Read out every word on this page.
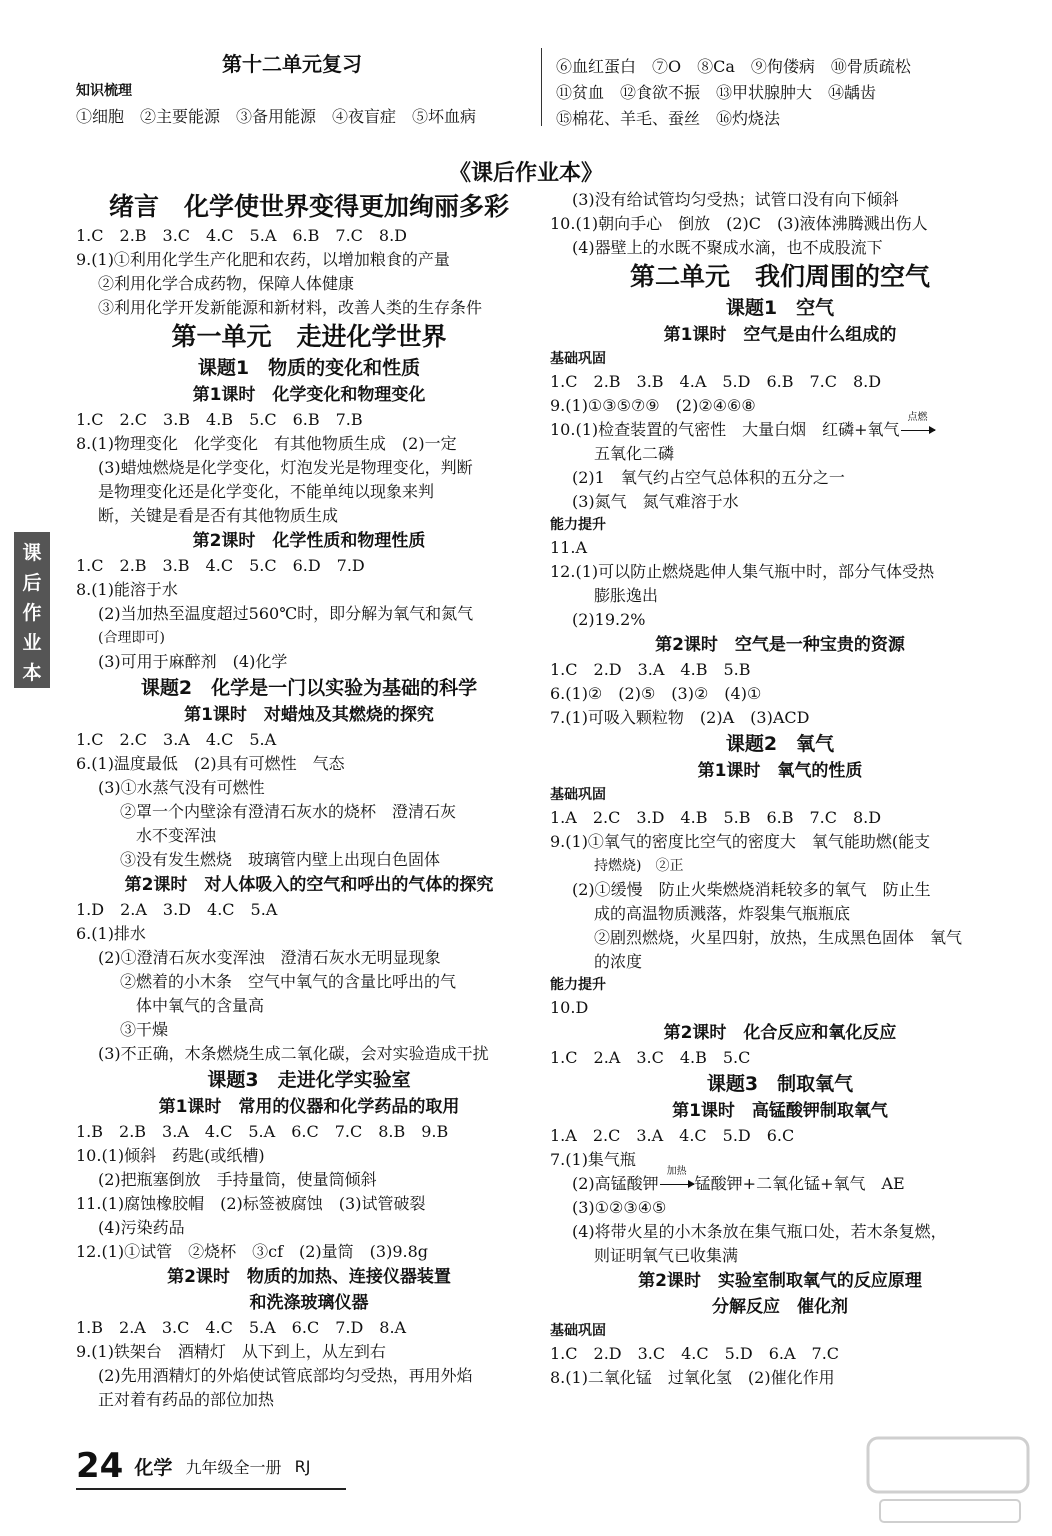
第十二单元复习
知识梳理
①细胞　②主要能源　③备用能源　④夜盲症　⑤坏血病
⑥血红蛋白　⑦O　⑧Ca　⑨佝偻病　⑩骨质疏松
⑪贫血　⑫食欲不振　⑬甲状腺肿大　⑭龋齿
⑮棉花、羊毛、蚕丝　⑯灼烧法
《课后作业本》
课
后
作
业
本
绪言　化学使世界变得更加绚丽多彩
1.C　2.B　3.C　4.C　5.A　6.B　7.C　8.D
9.(1)①利用化学生产化肥和农药，以增加粮食的产量
②利用化学合成药物，保障人体健康
③利用化学开发新能源和新材料，改善人类的生存条件
第一单元　走进化学世界
课题1　物质的变化和性质
第1课时　化学变化和物理变化
1.C　2.C　3.B　4.B　5.C　6.B　7.B
8.(1)物理变化　化学变化　有其他物质生成　(2)一定
(3)蜡烛燃烧是化学变化，灯泡发光是物理变化，判断
是物理变化还是化学变化，不能单纯以现象来判
断，关键是看是否有其他物质生成
第2课时　化学性质和物理性质
1.C　2.B　3.B　4.C　5.C　6.D　7.D
8.(1)能溶于水
(2)当加热至温度超过560℃时，即分解为氧气和氮气
(合理即可)
(3)可用于麻醉剂　(4)化学
课题2　化学是一门以实验为基础的科学
第1课时　对蜡烛及其燃烧的探究
1.C　2.C　3.A　4.C　5.A
6.(1)温度最低　(2)具有可燃性　气态
(3)①水蒸气没有可燃性
②罩一个内壁涂有澄清石灰水的烧杯　澄清石灰
水不变浑浊
③没有发生燃烧　玻璃管内壁上出现白色固体
第2课时　对人体吸入的空气和呼出的气体的探究
1.D　2.A　3.D　4.C　5.A
6.(1)排水
(2)①澄清石灰水变浑浊　澄清石灰水无明显现象
②燃着的小木条　空气中氧气的含量比呼出的气
体中氧气的含量高
③干燥
(3)不正确，木条燃烧生成二氧化碳，会对实验造成干扰
课题3　走进化学实验室
第1课时　常用的仪器和化学药品的取用
1.B　2.B　3.A　4.C　5.A　6.C　7.C　8.B　9.B
10.(1)倾斜　药匙(或纸槽)
(2)把瓶塞倒放　手持量筒，使量筒倾斜
11.(1)腐蚀橡胶帽　(2)标签被腐蚀　(3)试管破裂
(4)污染药品
12.(1)①试管　②烧杯　③cf　(2)量筒　(3)9.8g
第2课时　物质的加热、连接仪器装置
和洗涤玻璃仪器
1.B　2.A　3.C　4.C　5.A　6.C　7.D　8.A
9.(1)铁架台　酒精灯　从下到上，从左到右
(2)先用酒精灯的外焰使试管底部均匀受热，再用外焰
正对着有药品的部位加热
(3)没有给试管均匀受热；试管口没有向下倾斜
10.(1)朝向手心　倒放　(2)C　(3)液体沸腾溅出伤人
(4)器壁上的水既不聚成水滴，也不成股流下
第二单元　我们周围的空气
课题1　空气
第1课时　空气是由什么组成的
基础巩固
1.C　2.B　3.B　4.A　5.D　6.B　7.C　8.D
9.(1)①③⑤⑦⑨　(2)②④⑥⑧
10.(1)检查装置的气密性　大量白烟　红磷+氧气
点燃
五氧化二磷
(2)1　氧气约占空气总体积的五分之一
(3)氮气　氮气难溶于水
能力提升
11.A
12.(1)可以防止燃烧匙伸人集气瓶中时，部分气体受热
膨胀逸出
(2)19.2%
第2课时　空气是一种宝贵的资源
1.C　2.D　3.A　4.B　5.B
6.(1)②　(2)⑤　(3)②　(4)①
7.(1)可吸入颗粒物　(2)A　(3)ACD
课题2　氧气
第1课时　氧气的性质
基础巩固
1.A　2.C　3.D　4.B　5.B　6.B　7.C　8.D
9.(1)①氧气的密度比空气的密度大　氧气能助燃(能支
持燃烧)　②正
(2)①缓慢　防止火柴燃烧消耗较多的氧气　防止生
成的高温物质溅落，炸裂集气瓶瓶底
②剧烈燃烧，火星四射，放热，生成黑色固体　氧气
的浓度
能力提升
10.D
第2课时　化合反应和氧化反应
1.C　2.A　3.C　4.B　5.C
课题3　制取氧气
第1课时　高锰酸钾制取氧气
1.A　2.C　3.A　4.C　5.D　6.C
7.(1)集气瓶
(2)高锰酸钾
加热
锰酸钾+二氧化锰+氧气　AE
(3)①②③④⑤
(4)将带火星的小木条放在集气瓶口处，若木条复燃，
则证明氧气已收集满
第2课时　实验室制取氧气的反应原理
分解反应　催化剂
基础巩固
1.C　2.D　3.C　4.C　5.D　6.A　7.C
8.(1)二氧化锰　过氧化氢　(2)催化作用
24 化学 九年级全一册 RJ
